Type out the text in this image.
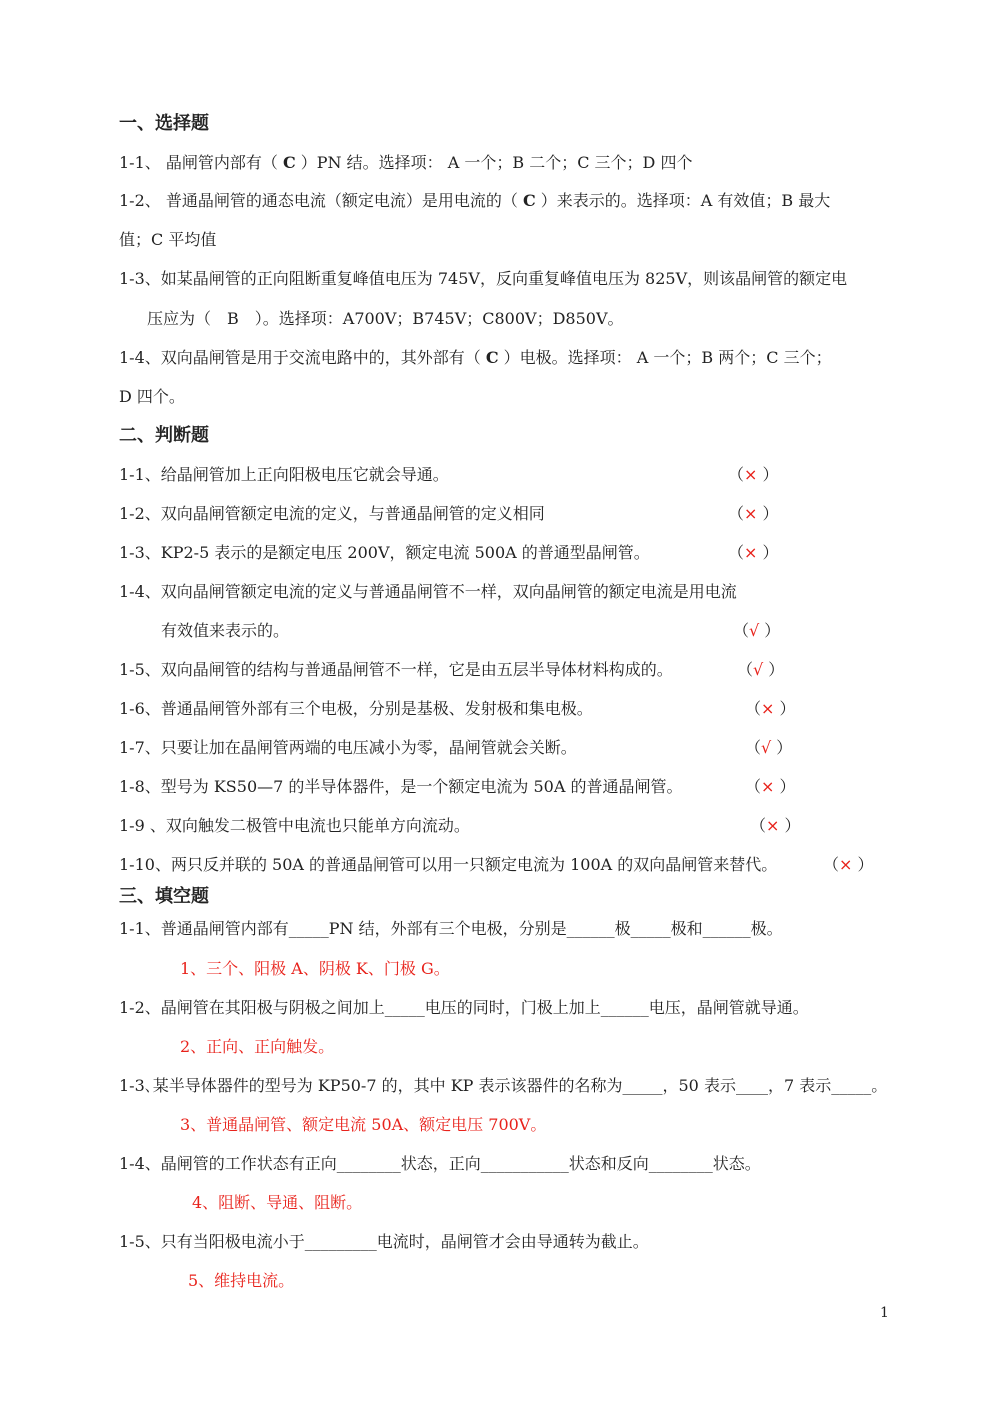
一、选择题
1-1、 晶闸管内部有（ C ）PN 结。选择项： A 一个；B 二个；C 三个；D 四个
1-2、 普通晶闸管的通态电流（额定电流）是用电流的（ C ）来表示的。选择项：A 有效值；B 最大
值；C 平均值
1-3、如某晶闸管的正向阻断重复峰值电压为 745V，反向重复峰值电压为 825V，则该晶闸管的额定电
压应为（　B　）。选择项：A700V；B745V；C800V；D850V。
1-4、双向晶闸管是用于交流电路中的，其外部有（ C ）电极。选择项： A 一个；B 两个；C 三个；
D 四个。
二、判断题
1-1、给晶闸管加上正向阳极电压它就会导通。	（× ）
1-2、双向晶闸管额定电流的定义，与普通晶闸管的定义相同	（× ）
1-3、KP2-5 表示的是额定电压 200V，额定电流 500A 的普通型晶闸管。	（× ）
1-4、双向晶闸管额定电流的定义与普通晶闸管不一样，双向晶闸管的额定电流是用电流
有效值来表示的。	（√ ）
1-5、双向晶闸管的结构与普通晶闸管不一样，它是由五层半导体材料构成的。	（√ ）
1-6、普通晶闸管外部有三个电极，分别是基极、发射极和集电极。	（× ）
1-7、只要让加在晶闸管两端的电压减小为零，晶闸管就会关断。	（√ ）
1-8、型号为 KS50—7 的半导体器件，是一个额定电流为 50A 的普通晶闸管。	（× ）
1-9 、双向触发二极管中电流也只能单方向流动。	（× ）
1-10、两只反并联的 50A 的普通晶闸管可以用一只额定电流为 100A 的双向晶闸管来替代。	（× ）
三、填空题
1-1、普通晶闸管内部有_____PN 结，外部有三个电极，分别是______极_____极和______极。
1、三个、阳极 A、阴极 K、门极 G。
1-2、晶闸管在其阳极与阴极之间加上_____电压的同时，门极上加上______电压，晶闸管就导通。
2、正向、正向触发。
1-3､某半导体器件的型号为 KP50-7 的，其中 KP 表示该器件的名称为_____，50 表示____，7 表示_____。
3、普通晶闸管、额定电流 50A、额定电压 700V。
1-4、晶闸管的工作状态有正向________状态，正向___________状态和反向________状态。
4、阻断、导通、阻断。
1-5、只有当阳极电流小于_________电流时，晶闸管才会由导通转为截止。
5、维持电流。
1
